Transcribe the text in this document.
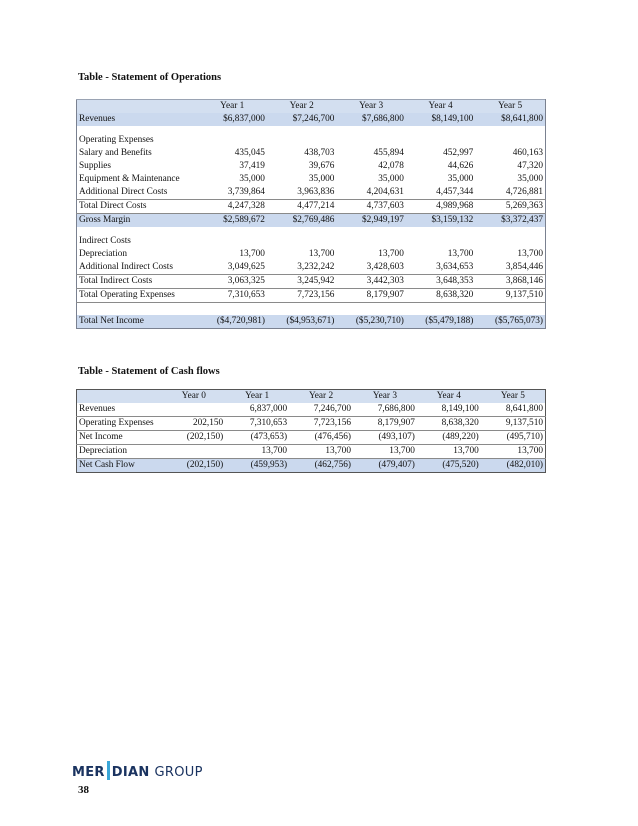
Table - Statement of Operations
	Year 1	Year 2	Year 3	Year 4	Year 5
Revenues	$6,837,000	$7,246,700	$7,686,800	$8,149,100	$8,641,800

Operating Expenses					
Salary and Benefits	435,045	438,703	455,894	452,997	460,163
Supplies	37,419	39,676	42,078	44,626	47,320
Equipment & Maintenance	35,000	35,000	35,000	35,000	35,000
Additional Direct Costs	3,739,864	3,963,836	4,204,631	4,457,344	4,726,881
Total Direct Costs	4,247,328	4,477,214	4,737,603	4,989,968	5,269,363
Gross Margin	$2,589,672	$2,769,486	$2,949,197	$3,159,132	$3,372,437

Indirect Costs					
Depreciation	13,700	13,700	13,700	13,700	13,700
Additional Indirect Costs	3,049,625	3,232,242	3,428,603	3,634,653	3,854,446
Total Indirect Costs	3,063,325	3,245,942	3,442,303	3,648,353	3,868,146
Total Operating Expenses	7,310,653	7,723,156	8,179,907	8,638,320	9,137,510

Total Net Income	($4,720,981)	($4,953,671)	($5,230,710)	($5,479,188)	($5,765,073)
Table - Statement of Cash flows
	Year 0	Year 1	Year 2	Year 3	Year 4	Year 5
Revenues		6,837,000	7,246,700	7,686,800	8,149,100	8,641,800
Operating Expenses	202,150	7,310,653	7,723,156	8,179,907	8,638,320	9,137,510
Net Income	(202,150)	(473,653)	(476,456)	(493,107)	(489,220)	(495,710)
Depreciation		13,700	13,700	13,700	13,700	13,700
Net Cash Flow	(202,150)	(459,953)	(462,756)	(479,407)	(475,520)	(482,010)
MER DIAN GROUP
38
